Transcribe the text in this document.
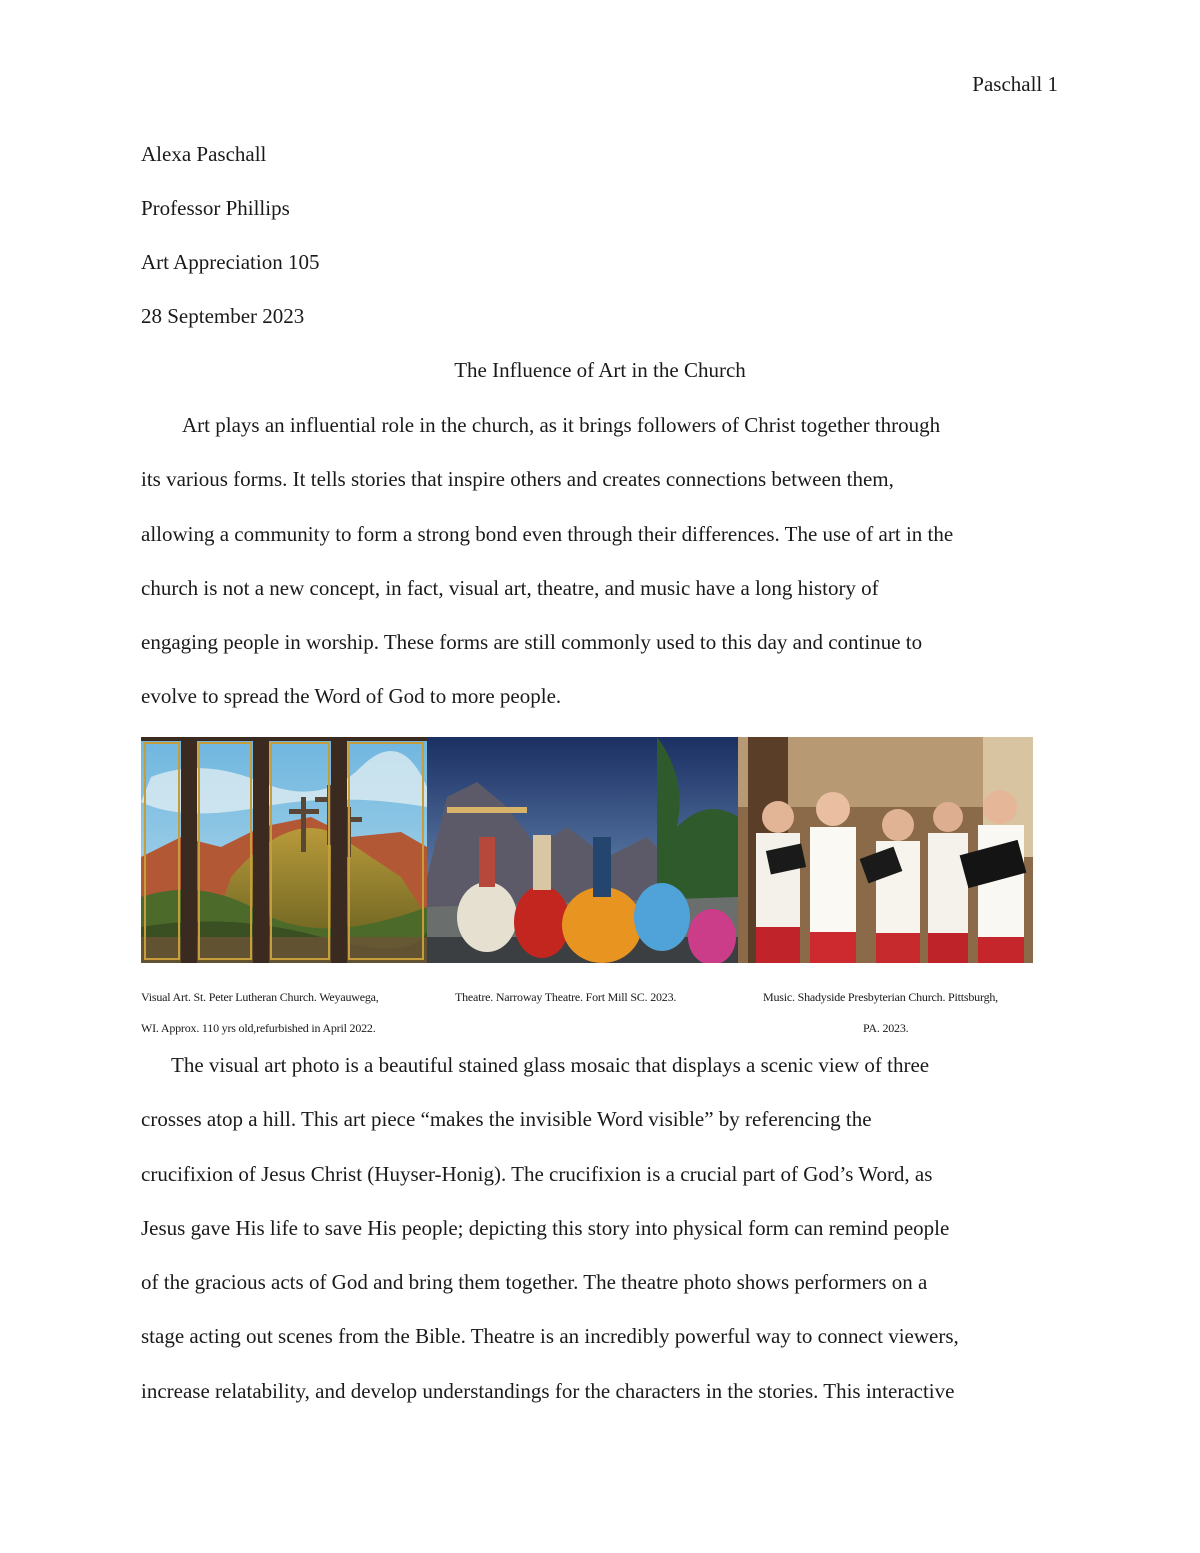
Paschall 1
Alexa Paschall
Professor Phillips
Art Appreciation 105
28 September 2023
The Influence of Art in the Church

Art plays an influential role in the church, as it brings followers of Christ together through

its various forms. It tells stories that inspire others and creates connections between them,

allowing a community to form a strong bond even through their differences. The use of art in the

church is not a new concept, in fact, visual art, theatre, and music have a long history of

engaging people in worship. These forms are still commonly used to this day and continue to

evolve to spread the Word of God to more people.

Visual Art. St. Peter Lutheran Church. Weyauwega,
WI. Approx. 110 yrs old,refurbished in April 2022.
Theatre. Narroway Theatre. Fort Mill SC. 2023.	Music. Shadyside Presbyterian Church. Pittsburgh,
PA. 2023.

The visual art photo is a beautiful stained glass mosaic that displays a scenic view of three

crosses atop a hill. This art piece “makes the invisible Word visible” by referencing the

crucifixion of Jesus Christ (Huyser-Honig). The crucifixion is a crucial part of God’s Word, as

Jesus gave His life to save His people; depicting this story into physical form can remind people

of the gracious acts of God and bring them together. The theatre photo shows performers on a

stage acting out scenes from the Bible. Theatre is an incredibly powerful way to connect viewers,

increase relatability, and develop understandings for the characters in the stories. This interactive
